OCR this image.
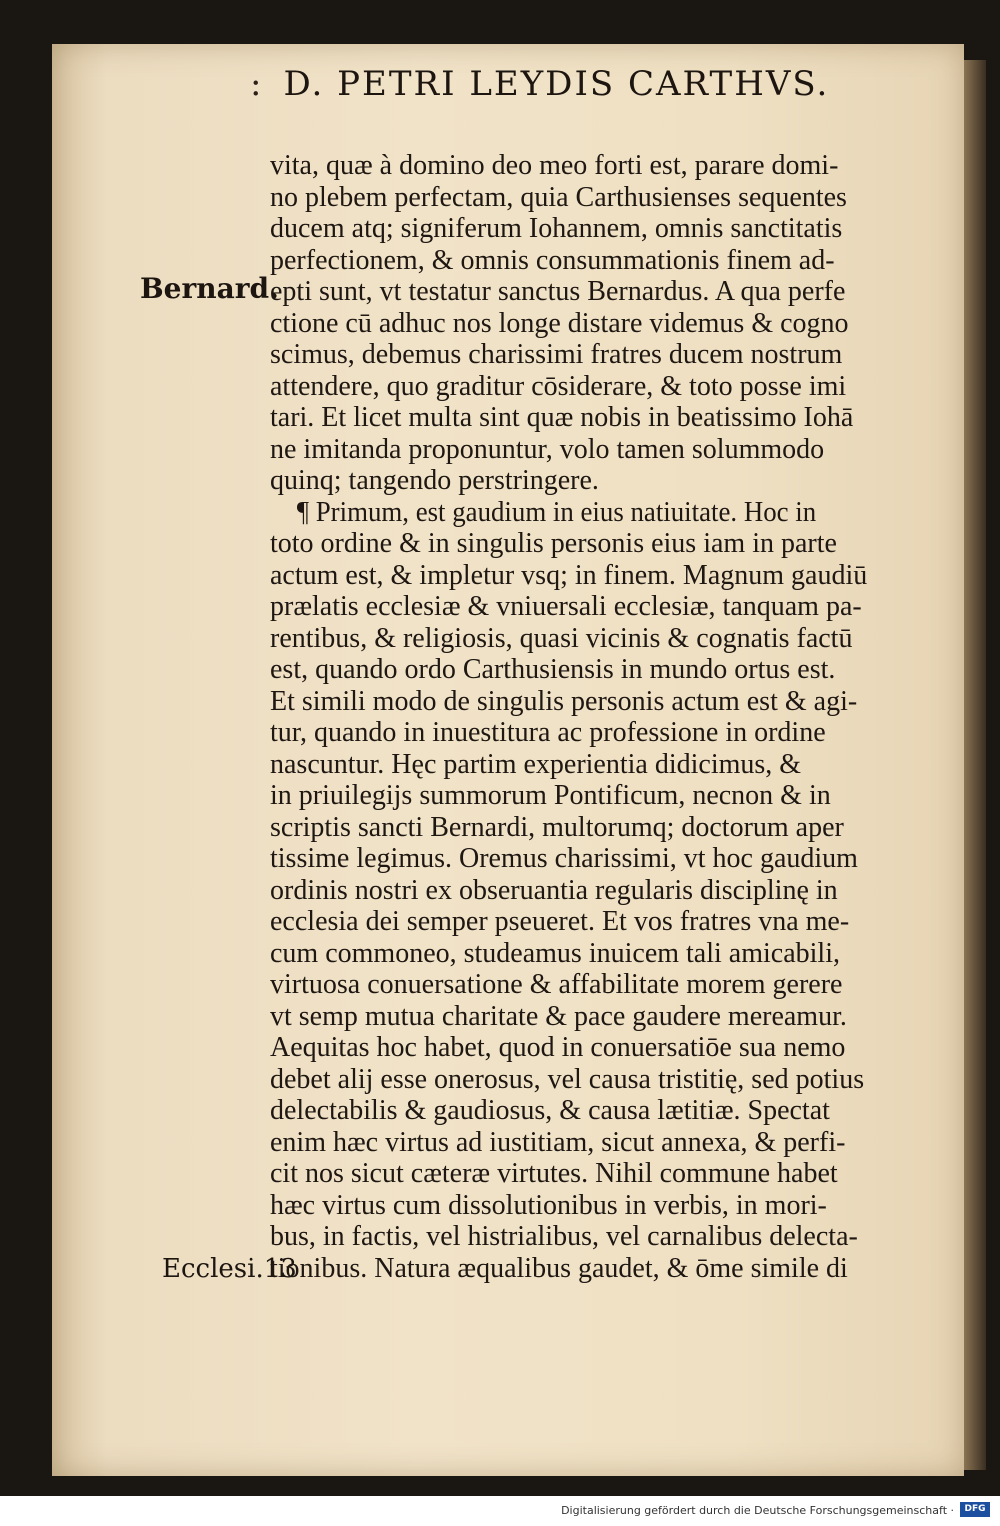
: D. PETRI LEYDIS CARTHVS.
Bernard.
Ecclesi.13
vita, quæ à domino deo meo forti est, parare domi-
no plebem perfectam, quia Carthusienses sequentes
ducem atq; signiferum Iohannem, omnis sanctitatis
perfectionem, & omnis consummationis finem ad-
epti sunt, vt testatur sanctus Bernardus. A qua perfe
ctione cū adhuc nos longe distare videmus & cogno
scimus, debemus charissimi fratres ducem nostrum
attendere, quo graditur cōsiderare, & toto posse imi
tari. Et licet multa sint quæ nobis in beatissimo Iohā
ne imitanda proponuntur, volo tamen solummodo
quinq; tangendo perstringere.
¶ Primum, est gaudium in eius natiuitate. Hoc in
toto ordine & in singulis personis eius iam in parte
actum est, & impletur vsq; in finem. Magnum gaudiū
prælatis ecclesiæ & vniuersali ecclesiæ, tanquam pa-
rentibus, & religiosis, quasi vicinis & cognatis factū
est, quando ordo Carthusiensis in mundo ortus est.
Et simili modo de singulis personis actum est & agi-
tur, quando in inuestitura ac professione in ordine
nascuntur. Hęc partim experientia didicimus, &
in priuilegijs summorum Pontificum, necnon & in
scriptis sancti Bernardi, multorumq; doctorum aper
tissime legimus. Oremus charissimi, vt hoc gaudium
ordinis nostri ex obseruantia regularis disciplinę in
ecclesia dei semper pseueret. Et vos fratres vna me-
cum commoneo, studeamus inuicem tali amicabili,
virtuosa conuersatione & affabilitate morem gerere
vt semp mutua charitate & pace gaudere mereamur.
Aequitas hoc habet, quod in conuersatiōe sua nemo
debet alij esse onerosus, vel causa tristitię, sed potius
delectabilis & gaudiosus, & causa lætitiæ. Spectat
enim hæc virtus ad iustitiam, sicut annexa, & perfi-
cit nos sicut cæteræ virtutes. Nihil commune habet
hæc virtus cum dissolutionibus in verbis, in mori-
bus, in factis, vel histrialibus, vel carnalibus delecta-
tionibus. Natura æqualibus gaudet, & ōme simile di
Digitalisierung gefördert durch die Deutsche Forschungsgemeinschaft ·	DFG
